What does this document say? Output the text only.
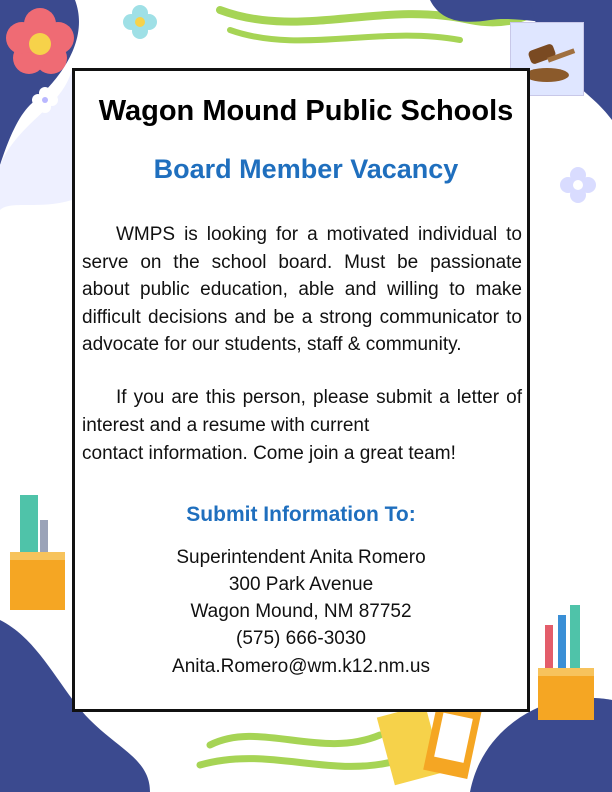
Wagon Mound Public Schools
Board Member Vacancy

WMPS is looking for a motivated individual to serve on the school board. Must be passionate about public education, able and willing to make difficult decisions and be a strong communicator to advocate for our students, staff & community.

If you are this person, please submit a letter of interest and a resume with current

contact information. Come join a great team!

Submit Information To:

Superintendent Anita Romero

300 Park Avenue

Wagon Mound, NM 87752

(575) 666-3030

Anita.Romero@wm.k12.nm.us
